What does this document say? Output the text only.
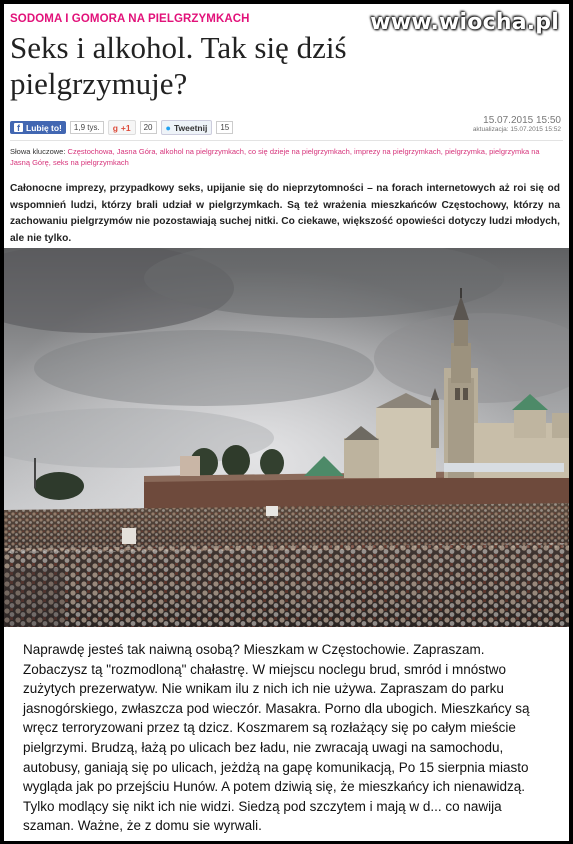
SODOMA I GOMORA NA PIELGRZYMKACH	www.wiocha.pl
Seks i alkohol. Tak się dziś pielgrzymuje?
15.07.2015 15:50
aktualizacja: 15.07.2015 15:52
f Lubię to!	1,9 tys.	g +1	20	● Tweetnij	15
Słowa kluczowe: Częstochowa, Jasna Góra, alkohol na pielgrzymkach, co się dzieje na pielgrzymkach, imprezy na pielgrzymkach, pielgrzymka, pielgrzymka na Jasną Górę, seks na pielgrzymkach
Całonocne imprezy, przypadkowy seks, upijanie się do nieprzytomności – na forach internetowych aż roi się od wspomnień ludzi, którzy brali udział w pielgrzymkach. Są też wrażenia mieszkańców Częstochowy, którzy na zachowaniu pielgrzymów nie pozostawiają suchej nitki. Co ciekawe, większość opowieści dotyczy ludzi młodych, ale nie tylko.
Naprawdę jesteś tak naiwną osobą? Mieszkam w Częstochowie. Zapraszam. Zobaczysz tą "rozmodloną" chałastrę. W miejscu noclegu brud, smród i mnóstwo zużytych prezerwatyw. Nie wnikam ilu z nich ich nie używa. Zapraszam do parku jasnogórskiego, zwłaszcza pod wieczór. Masakra. Porno dla ubogich. Mieszkańcy są wręcz terroryzowani przez tą dzicz. Koszmarem są rozłażący się po całym mieście pielgrzymi. Brudzą, łażą po ulicach bez ładu, nie zwracają uwagi na samochodu, autobusy, ganiają się po ulicach, jeżdżą na gapę komunikacją, Po 15 sierpnia miasto wygląda jak po przejściu Hunów. A potem dziwią się, że mieszkańcy ich nienawidzą. Tylko modlący się nikt ich nie widzi. Siedzą pod szczytem i mają w d... co nawija szaman. Ważne, że z domu sie wyrwali.
